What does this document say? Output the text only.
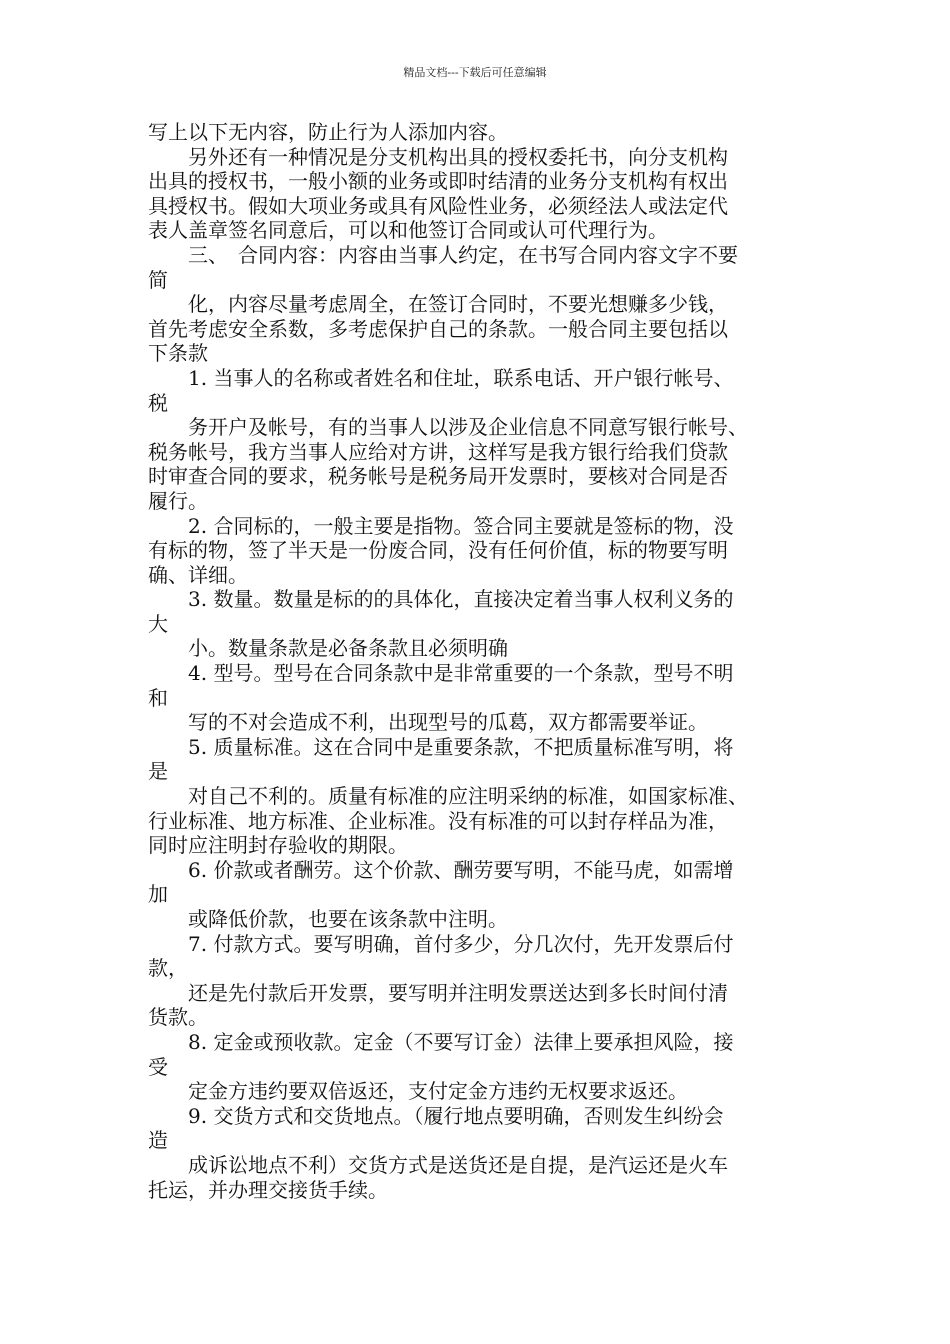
精品文档---下载后可任意编辑
写上以下无内容，防止行为人添加内容。
另外还有一种情况是分支机构出具的授权委托书，向分支机构
出具的授权书，一般小额的业务或即时结清的业务分支机构有权出
具授权书。假如大项业务或具有风险性业务，必须经法人或法定代
表人盖章签名同意后，可以和他签订合同或认可代理行为。
三、　合同内容：内容由当事人约定，在书写合同内容文字不要
简
化，内容尽量考虑周全，在签订合同时，不要光想赚多少钱，
首先考虑安全系数，多考虑保护自己的条款。一般合同主要包括以
下条款
1. 当事人的名称或者姓名和住址，联系电话、开户银行帐号、
税
务开户及帐号，有的当事人以涉及企业信息不同意写银行帐号、
税务帐号，我方当事人应给对方讲，这样写是我方银行给我们贷款
时审查合同的要求，税务帐号是税务局开发票时，要核对合同是否
履行。
2. 合同标的，一般主要是指物。签合同主要就是签标的物，没
有标的物，签了半天是一份废合同，没有任何价值，标的物要写明
确、详细。
3. 数量。数量是标的的具体化，直接决定着当事人权利义务的
大
小。数量条款是必备条款且必须明确
4. 型号。型号在合同条款中是非常重要的一个条款，型号不明
和
写的不对会造成不利，出现型号的瓜葛，双方都需要举证。
5. 质量标准。这在合同中是重要条款，不把质量标准写明，将
是
对自己不利的。质量有标准的应注明采纳的标准，如国家标准、
行业标准、地方标准、企业标准。没有标准的可以封存样品为准，
同时应注明封存验收的期限。
6. 价款或者酬劳。这个价款、酬劳要写明，不能马虎，如需增
加
或降低价款，也要在该条款中注明。
7. 付款方式。要写明确，首付多少，分几次付，先开发票后付
款，
还是先付款后开发票，要写明并注明发票送达到多长时间付清
货款。
8. 定金或预收款。定金（不要写订金）法律上要承担风险，接
受
定金方违约要双倍返还，支付定金方违约无权要求返还。
9. 交货方式和交货地点。（履行地点要明确，否则发生纠纷会
造
成诉讼地点不利）交货方式是送货还是自提，是汽运还是火车
托运，并办理交接货手续。
